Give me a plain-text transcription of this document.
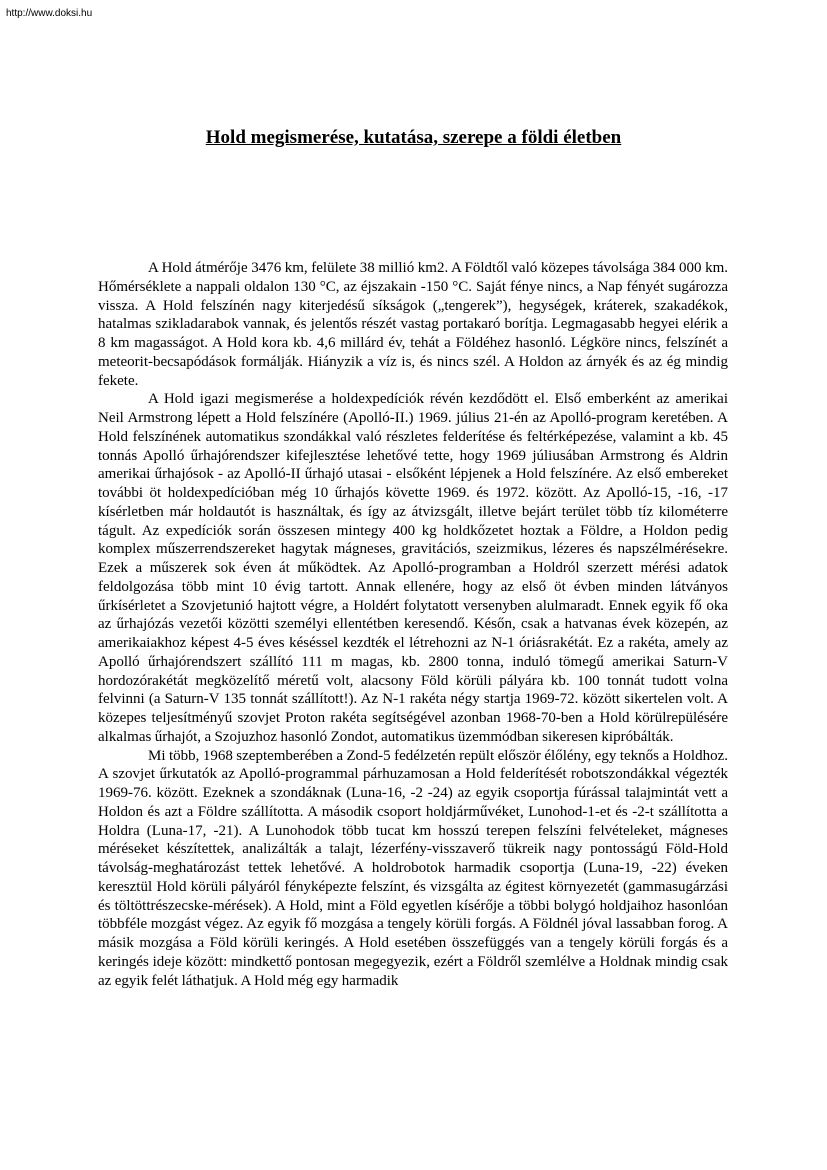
http://www.doksi.hu
Hold megismerése, kutatása, szerepe a földi életben

A Hold átmérője 3476 km, felülete 38 millió km2. A Földtől való közepes távolsága 384 000 km. Hőmérséklete a nappali oldalon 130 °C, az éjszakain -150 °C. Saját fénye nincs, a Nap fényét sugározza vissza. A Hold felszínén nagy kiterjedésű síkságok („tengerek”), hegységek, kráterek, szakadékok, hatalmas szikladarabok vannak, és jelentős részét vastag portakaró borítja. Legmagasabb hegyei elérik a 8 km magasságot. A Hold kora kb. 4,6 millárd év, tehát a Földéhez hasonló. Légköre nincs, felszínét a meteorit-becsapódások formálják. Hiányzik a víz is, és nincs szél. A Holdon az árnyék és az ég mindig fekete.

A Hold igazi megismerése a holdexpedíciók révén kezdődött el. Első emberként az amerikai Neil Armstrong lépett a Hold felszínére (Apolló-II.) 1969. július 21-én az Apolló-program keretében. A Hold felszínének automatikus szondákkal való részletes felderítése és feltérképezése, valamint a kb. 45 tonnás Apolló űrhajórendszer kifejlesztése lehetővé tette, hogy 1969 júliusában Armstrong és Aldrin amerikai űrhajósok - az Apolló-II űrhajó utasai - elsőként lépjenek a Hold felszínére. Az első embereket további öt holdexpedícióban még 10 űrhajós követte 1969. és 1972. között. Az Apolló-15, -16, -17 kísérletben már holdautót is használtak, és így az átvizsgált, illetve bejárt terület több tíz kilométerre tágult. Az expedíciók során összesen mintegy 400 kg holdkőzetet hoztak a Földre, a Holdon pedig komplex műszerrendszereket hagytak mágneses, gravitációs, szeizmikus, lézeres és napszélmérésekre. Ezek a műszerek sok éven át működtek. Az Apolló-programban a Holdról szerzett mérési adatok feldolgozása több mint 10 évig tartott. Annak ellenére, hogy az első öt évben minden látványos űrkísérletet a Szovjetunió hajtott végre, a Holdért folytatott versenyben alulmaradt. Ennek egyik fő oka az űrhajózás vezetői közötti személyi ellentétben keresendő. Későn, csak a hatvanas évek közepén, az amerikaiakhoz képest 4-5 éves késéssel kezdték el létrehozni az N-1 óriásrakétát. Ez a rakéta, amely az Apolló űrhajórendszert szállító 111 m magas, kb. 2800 tonna, induló tömegű amerikai Saturn-V hordozórakétát megközelítő méretű volt, alacsony Föld körüli pályára kb. 100 tonnát tudott volna felvinni (a Saturn-V 135 tonnát szállított!). Az N-1 rakéta négy startja 1969-72. között sikertelen volt. A közepes teljesítményű szovjet Proton rakéta segítségével azonban 1968-70-ben a Hold körülrepülésére alkalmas űrhajót, a Szojuzhoz hasonló Zondot, automatikus üzemmódban sikeresen kipróbálták.

Mi több, 1968 szeptemberében a Zond-5 fedélzetén repült először élőlény, egy teknős a Holdhoz. A szovjet űrkutatók az Apolló-programmal párhuzamosan a Hold felderítését robotszondákkal végezték 1969-76. között. Ezeknek a szondáknak (Luna-16, -2 -24) az egyik csoportja fúrással talajmintát vett a Holdon és azt a Földre szállította. A második csoport holdjárművéket, Lunohod-1-et és -2-t szállította a Holdra (Luna-17, -21). A Lunohodok több tucat km hosszú terepen felszíni felvételeket, mágneses méréseket készítettek, analizálták a talajt, lézerfény-visszaverő tükreik nagy pontosságú Föld-Hold távolság-meghatározást tettek lehetővé. A holdrobotok harmadik csoportja (Luna-19, -22) éveken keresztül Hold körüli pályáról fényképezte felszínt, és vizsgálta az égitest környezetét (gammasugárzási és töltöttrészecske-mérések). A Hold, mint a Föld egyetlen kísérője a többi bolygó holdjaihoz hasonlóan többféle mozgást végez. Az egyik fő mozgása a tengely körüli forgás. A Földnél jóval lassabban forog. A másik mozgása a Föld körüli keringés. A Hold esetében összefüggés van a tengely körüli forgás és a keringés ideje között: mindkettő pontosan megegyezik, ezért a Földről szemlélve a Holdnak mindig csak az egyik felét láthatjuk. A Hold még egy harmadik
